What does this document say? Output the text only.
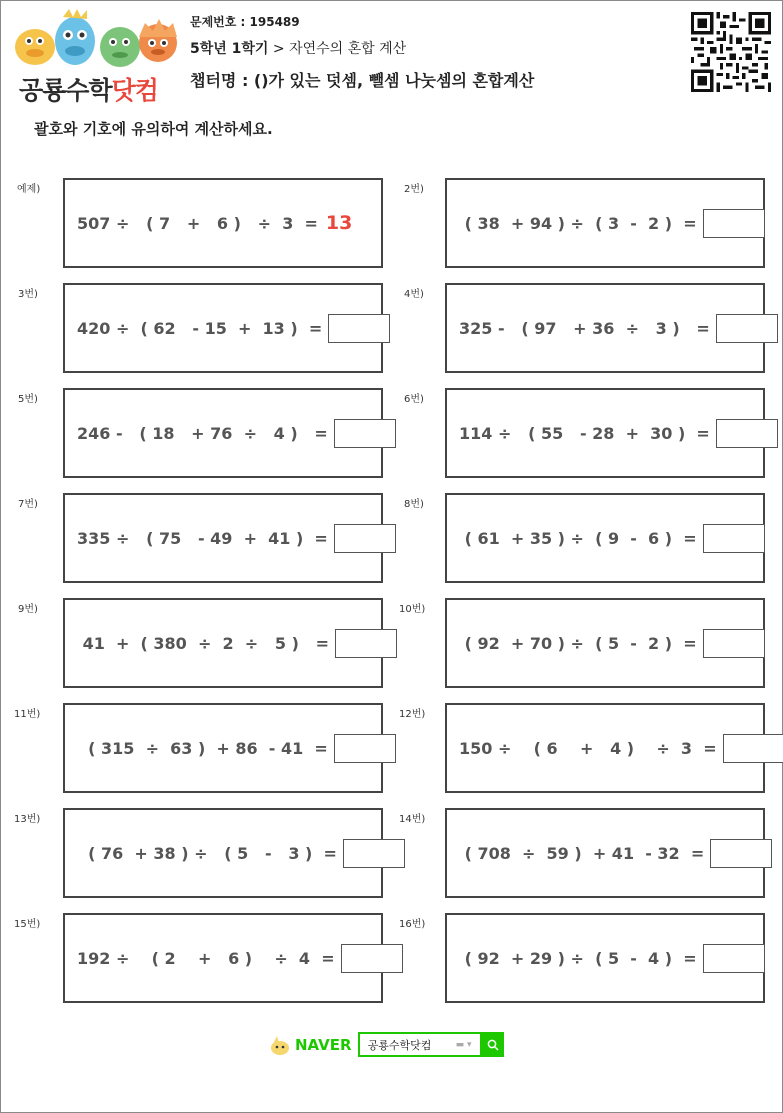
공룡수학닷컴
문제번호 : 195489
5학년 1학기 > 자연수의 혼합 계산
챕터명 : ()가 있는 덧셈, 뺄셈 나눗셈의 혼합계산
괄호와 기호에 유의하여 계산하세요.
예제)
507 ÷   ( 7   +   6 )   ÷  3  = 13
3번)
420 ÷  ( 62   - 15  +  13 )  =
5번)
246 -   ( 18   + 76  ÷   4 )   =
7번)
335 ÷   ( 75   - 49  +  41 )  =
9번)
41  +  ( 380  ÷  2  ÷   5 )   =
11번)
( 315  ÷  63 )  + 86  - 41  =
13번)
( 76  + 38 ) ÷   ( 5   -   3 )  =
15번)
192 ÷    ( 2    +   6 )    ÷  4  =
2번)
( 38  + 94 ) ÷  ( 3  -  2 )  =
4번)
325 -   ( 97   + 36  ÷   3 )   =
6번)
114 ÷   ( 55   - 28  +  30 )  =
8번)
( 61  + 35 ) ÷  ( 9  -  6 )  =
10번)
( 92  + 70 ) ÷  ( 5  -  2 )  =
12번)
150 ÷    ( 6    +   4 )    ÷  3  =
14번)
( 708  ÷  59 )  + 41  - 32  =
16번)
( 92  + 29 ) ÷  ( 5  -  4 )  =
NAVER 공룡수학닷컴	▬ ▾
